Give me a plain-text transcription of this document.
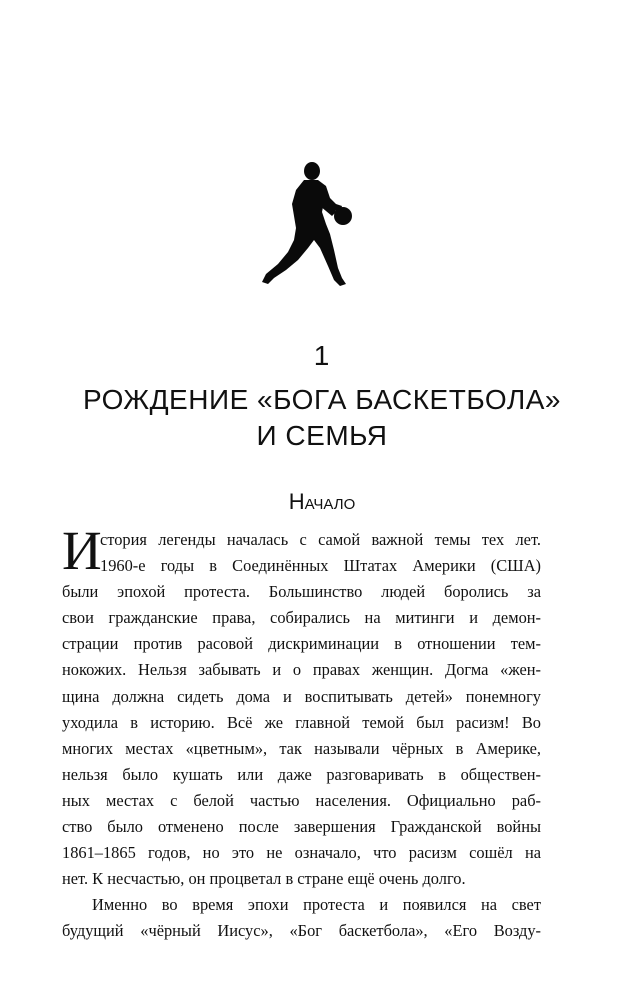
1
РОЖДЕНИЕ «БОГА БАСКЕТБОЛА»
И СЕМЬЯ
Начало
И
стория легенды началась с самой важной темы тех лет.
1960-е годы в Соединённых Штатах Америки (США)
были эпохой протеста. Большинство людей боролись за
свои гражданские права, собирались на митинги и демон-
страции против расовой дискриминации в отношении тем-
нокожих. Нельзя забывать и о правах женщин. Догма «жен-
щина должна сидеть дома и воспитывать детей» понемногу
уходила в историю. Всё же главной темой был расизм! Во
многих местах «цветным», так называли чёрных в Америке,
нельзя было кушать или даже разговаривать в обществен-
ных местах с белой частью населения. Официально раб-
ство было отменено после завершения Гражданской войны
1861–1865 годов, но это не означало, что расизм сошёл на
нет. К несчастью, он процветал в стране ещё очень долго.
Именно во время эпохи протеста и появился на свет
будущий «чёрный Иисус», «Бог баскетбола», «Его Возду-
